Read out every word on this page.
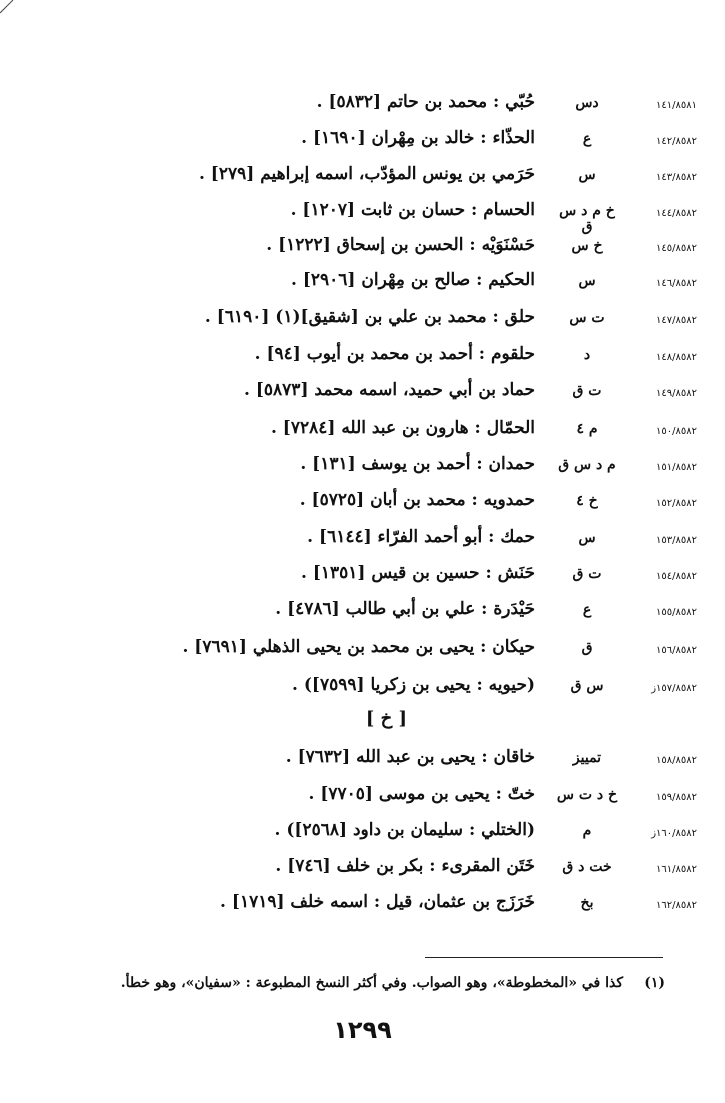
١٤١/٨٥٨١
دس
حُبّي : محمد بن حاتم [٥٨٣٢] .
١٤٢/٨٥٨٢
ع
الحذّاء : خالد بن مِهْران [١٦٩٠] .
١٤٣/٨٥٨٢
س
حَرَمي بن يونس المؤدّب، اسمه إبراهيم [٢٧٩] .
١٤٤/٨٥٨٢
خ م د س ق
الحسام : حسان بن ثابت [١٢٠٧] .
١٤٥/٨٥٨٢
خ س
حَسْنَوَيْه : الحسن بن إسحاق [١٢٢٢] .
١٤٦/٨٥٨٢
س
الحكيم : صالح بن مِهْران [٢٩٠٦] .
١٤٧/٨٥٨٢
ت س
حلق : محمد بن علي بن [شقيق](١) [٦١٩٠] .
١٤٨/٨٥٨٢
د
حلقوم : أحمد بن محمد بن أيوب [٩٤] .
١٤٩/٨٥٨٢
ت ق
حماد بن أبي حميد، اسمه محمد [٥٨٧٣] .
١٥٠/٨٥٨٢
م ٤
الحمّال : هارون بن عبد الله [٧٢٨٤] .
١٥١/٨٥٨٢
م د س ق
حمدان : أحمد بن يوسف [١٣١] .
١٥٢/٨٥٨٢
خ ٤
حمدويه : محمد بن أبان [٥٧٢٥] .
١٥٣/٨٥٨٢
س
حمك : أبو أحمد الفرّاء [٦١٤٤] .
١٥٤/٨٥٨٢
ت ق
حَنَش : حسين بن قيس [١٣٥١] .
١٥٥/٨٥٨٢
ع
حَيْدَرة : علي بن أبي طالب [٤٧٨٦] .
١٥٦/٨٥٨٢
ق
حيكان : يحيى بن محمد بن يحيى الذهلي [٧٦٩١] .
١٥٧/٨٥٨٢ز
س ق
(حيويه : يحيى بن زكريا [٧٥٩٩]) .
١٥٨/٨٥٨٢
تمييز
خاقان : يحيى بن عبد الله [٧٦٣٢] .
١٥٩/٨٥٨٢
خ د ت س
ختّ : يحيى بن موسى [٧٧٠٥] .
١٦٠/٨٥٨٢ز
م
(الختلي : سليمان بن داود [٢٥٦٨]) .
١٦١/٨٥٨٢
خت د ق
خَتَن المقرىء : بكر بن خلف [٧٤٦] .
١٦٢/٨٥٨٢
بخ
خَرَزَج بن عثمان، قيل : اسمه خلف [١٧١٩] .
[ خ ]
(١)كذا في «المخطوطة»، وهو الصواب. وفي أكثر النسخ المطبوعة : «سفيان»، وهو خطأ.
١٢٩٩
